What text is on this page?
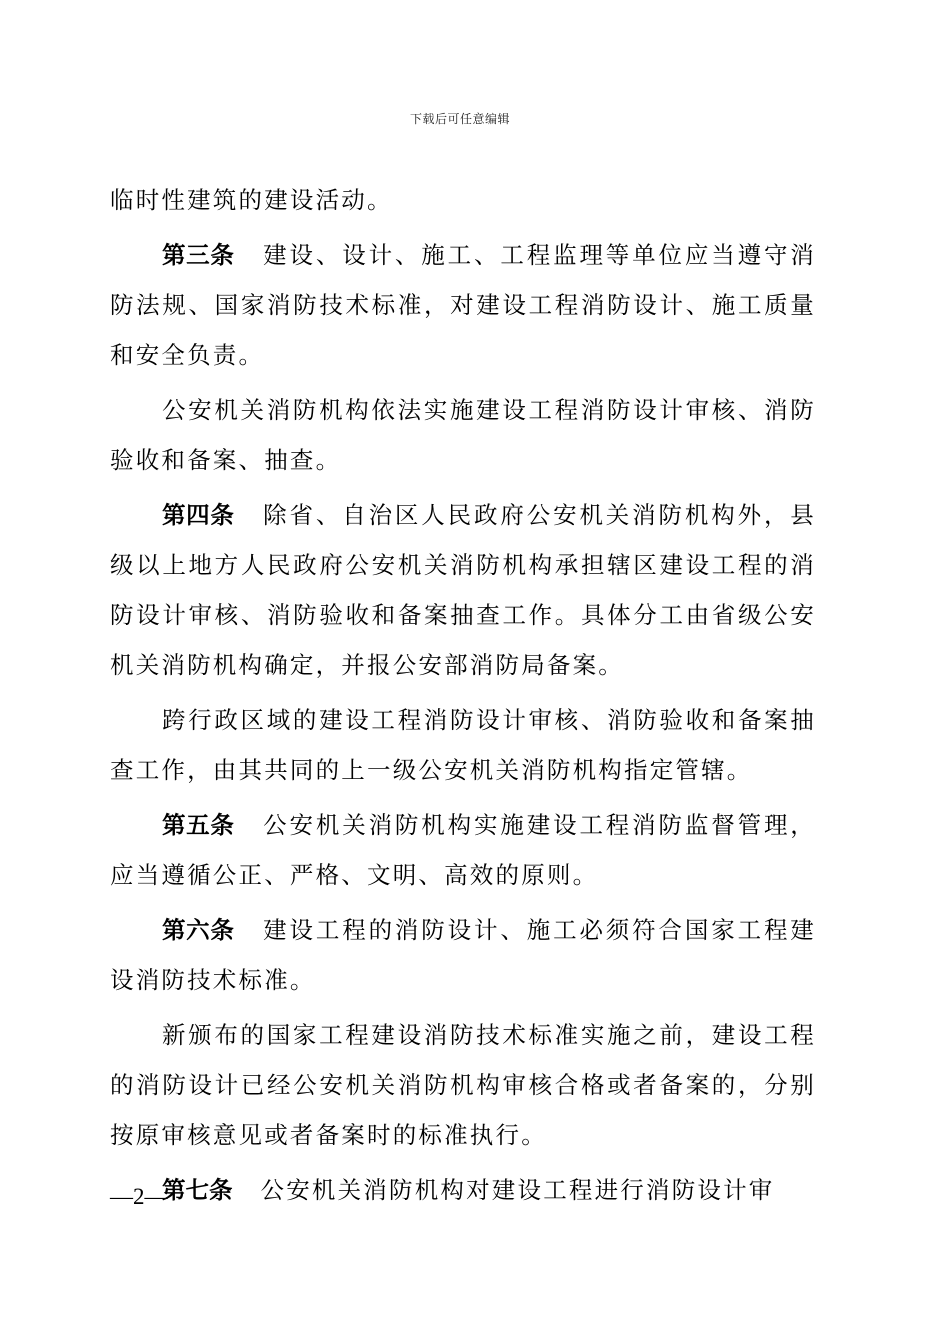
下载后可任意编辑

临时性建筑的建设活动。

第三条 建设、设计、施工、工程监理等单位应当遵守消防法规、国家消防技术标准，对建设工程消防设计、施工质量和安全负责。

公安机关消防机构依法实施建设工程消防设计审核、消防验收和备案、抽查。

第四条 除省、自治区人民政府公安机关消防机构外，县级以上地方人民政府公安机关消防机构承担辖区建设工程的消防设计审核、消防验收和备案抽查工作。具体分工由省级公安机关消防机构确定，并报公安部消防局备案。

跨行政区域的建设工程消防设计审核、消防验收和备案抽查工作，由其共同的上一级公安机关消防机构指定管辖。

第五条 公安机关消防机构实施建设工程消防监督管理，应当遵循公正、严格、文明、高效的原则。

第六条 建设工程的消防设计、施工必须符合国家工程建设消防技术标准。

新颁布的国家工程建设消防技术标准实施之前，建设工程的消防设计已经公安机关消防机构审核合格或者备案的，分别按原审核意见或者备案时的标准执行。

第七条 公安机关消防机构对建设工程进行消防设计审

—2—
